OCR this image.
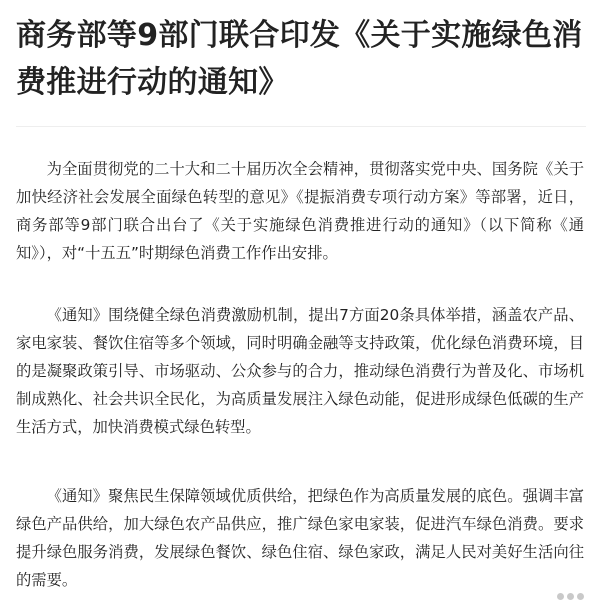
商务部等9部门联合印发《关于实施绿色消费推进行动的通知》

为全面贯彻党的二十大和二十届历次全会精神，贯彻落实党中央、国务院《关于加快经济社会发展全面绿色转型的意见》《提振消费专项行动方案》等部署，近日，商务部等9部门联合出台了《关于实施绿色消费推进行动的通知》（以下简称《通知》），对“十五五”时期绿色消费工作作出安排。

《通知》围绕健全绿色消费激励机制，提出7方面20条具体举措，涵盖农产品、家电家装、餐饮住宿等多个领域，同时明确金融等支持政策，优化绿色消费环境，目的是凝聚政策引导、市场驱动、公众参与的合力，推动绿色消费行为普及化、市场机制成熟化、社会共识全民化，为高质量发展注入绿色动能，促进形成绿色低碳的生产生活方式，加快消费模式绿色转型。

《通知》聚焦民生保障领域优质供给，把绿色作为高质量发展的底色。强调丰富绿色产品供给，加大绿色农产品供应，推广绿色家电家装，促进汽车绿色消费。要求提升绿色服务消费，发展绿色餐饮、绿色住宿、绿色家政，满足人民对美好生活向往的需要。
